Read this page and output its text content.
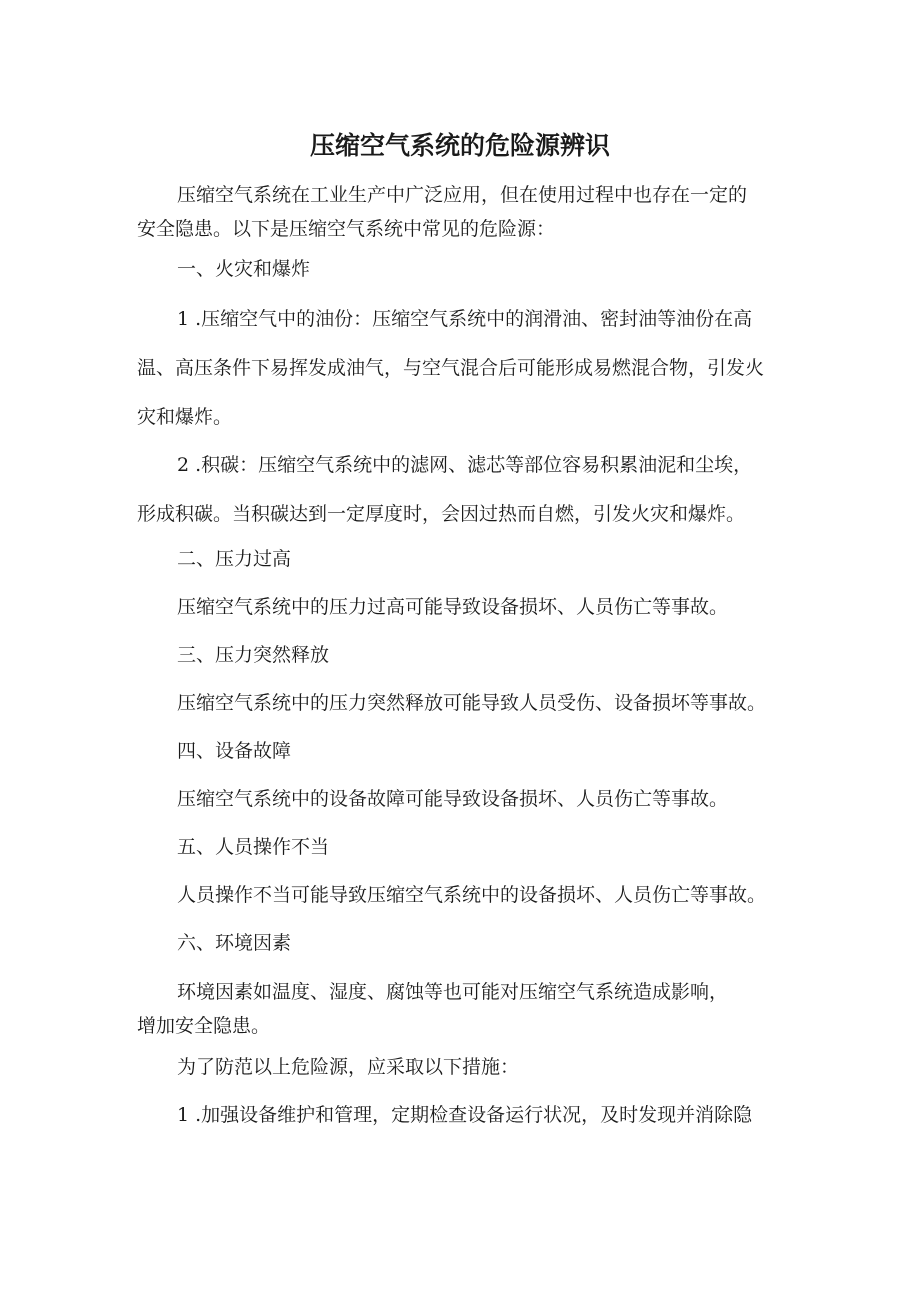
压缩空气系统的危险源辨识
压缩空气系统在工业生产中广泛应用，但在使用过程中也存在一定的
安全隐患。以下是压缩空气系统中常见的危险源：
一、火灾和爆炸
1 .压缩空气中的油份：压缩空气系统中的润滑油、密封油等油份在高
温、高压条件下易挥发成油气，与空气混合后可能形成易燃混合物，引发火
灾和爆炸。
2 .积碳：压缩空气系统中的滤网、滤芯等部位容易积累油泥和尘埃，
形成积碳。当积碳达到一定厚度时，会因过热而自燃，引发火灾和爆炸。
二、压力过高
压缩空气系统中的压力过高可能导致设备损坏、人员伤亡等事故。
三、压力突然释放
压缩空气系统中的压力突然释放可能导致人员受伤、设备损坏等事故。
四、设备故障
压缩空气系统中的设备故障可能导致设备损坏、人员伤亡等事故。
五、人员操作不当
人员操作不当可能导致压缩空气系统中的设备损坏、人员伤亡等事故。
六、环境因素
环境因素如温度、湿度、腐蚀等也可能对压缩空气系统造成影响，
增加安全隐患。
为了防范以上危险源，应采取以下措施：
1 .加强设备维护和管理，定期检查设备运行状况，及时发现并消除隐
